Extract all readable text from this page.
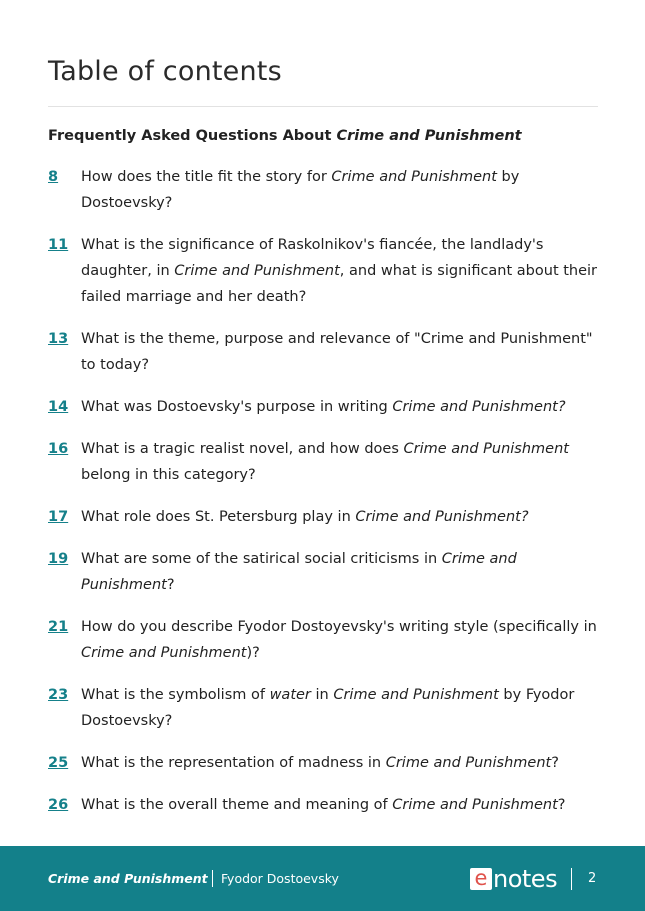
Table of contents
Frequently Asked Questions About Crime and Punishment
8	How does the title fit the story for Crime and Punishment by Dostoevsky?
11 What is the significance of Raskolnikov's fiancée, the landlady's daughter, in Crime and Punishment, and what is significant about their failed marriage and her death?
13 What is the theme, purpose and relevance of "Crime and Punishment" to today?
14 What was Dostoevsky's purpose in writing Crime and Punishment?
16 What is a tragic realist novel, and how does Crime and Punishment belong in this category?
17 What role does St. Petersburg play in Crime and Punishment?
19 What are some of the satirical social criticisms in Crime and Punishment?
21 How do you describe Fyodor Dostoyevsky's writing style (specifically in Crime and Punishment)?
23 What is the symbolism of water in Crime and Punishment by Fyodor Dostoevsky?
25 What is the representation of madness in Crime and Punishment?
26 What is the overall theme and meaning of Crime and Punishment?
Crime and Punishment Fyodor Dostoevsky	e notes 2
